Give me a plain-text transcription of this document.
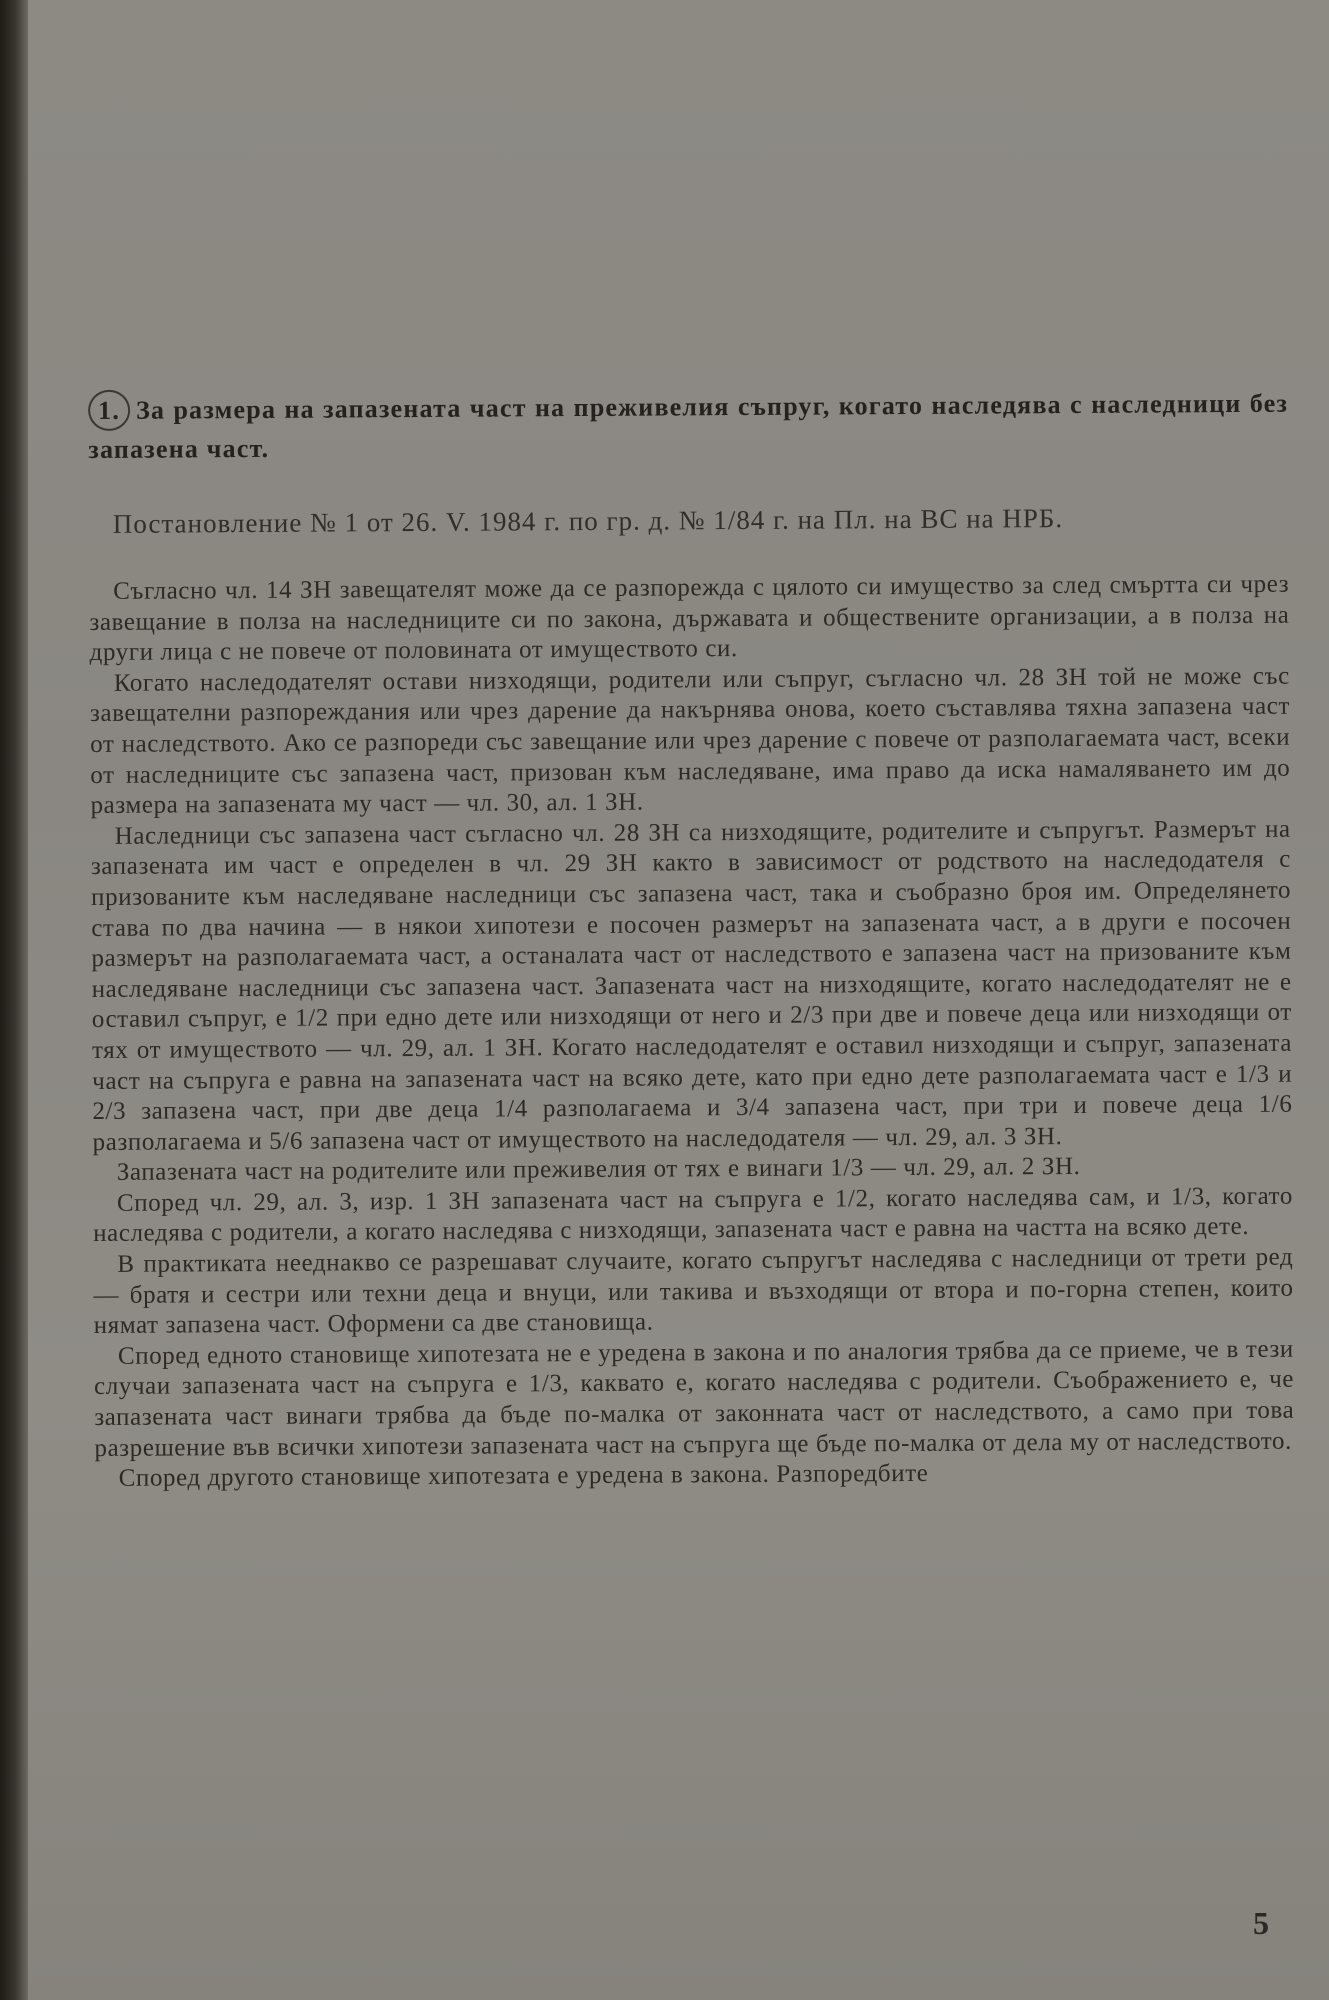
1. За размера на запазената част на преживелия съпруг, когато наследява с наследници без запазена част.

Постановление № 1 от 26. V. 1984 г. по гр. д. № 1/84 г. на Пл. на ВС на НРБ.

Съгласно чл. 14 ЗН завещателят може да се разпорежда с цялото си имущество за след смъртта си чрез завещание в полза на наследниците си по закона, държавата и обществените организации, а в полза на други лица с не повече от половината от имуществото си.

Когато наследодателят остави низходящи, родители или съпруг, съгласно чл. 28 ЗН той не може със завещателни разпореждания или чрез дарение да накърнява онова, което съставлява тяхна запазена част от наследството. Ако се разпореди със завещание или чрез дарение с повече от разполагаемата част, всеки от наследниците със запазена част, призован към наследяване, има право да иска намаляването им до размера на запазената му част — чл. 30, ал. 1 ЗН.

Наследници със запазена част съгласно чл. 28 ЗН са низходящите, родителите и съпругът. Размерът на запазената им част е определен в чл. 29 ЗН както в зависимост от родството на наследодателя с призованите към наследяване наследници със запазена част, така и съобразно броя им. Определянето става по два начина — в някои хипотези е посочен размерът на запазената част, а в други е посочен размерът на разполагаемата част, а останалата част от наследството е запазена част на призованите към наследяване наследници със запазена част. Запазената част на низходящите, когато наследодателят не е оставил съпруг, е 1/2 при едно дете или низходящи от него и 2/3 при две и повече деца или низходящи от тях от имуществото — чл. 29, ал. 1 ЗН. Когато наследодателят е оставил низходящи и съпруг, запазената част на съпруга е равна на запазената част на всяко дете, като при едно дете разполагаемата част е 1/3 и 2/3 запазена част, при две деца 1/4 разполагаема и 3/4 запазена част, при три и повече деца 1/6 разполагаема и 5/6 запазена част от имуществото на наследодателя — чл. 29, ал. 3 ЗН.

Запазената част на родителите или преживелия от тях е винаги 1/3 — чл. 29, ал. 2 ЗН.

Според чл. 29, ал. 3, изр. 1 ЗН запазената част на съпруга е 1/2, когато наследява сам, и 1/3, когато наследява с родители, а когато наследява с низходящи, запазената част е равна на частта на всяко дете.

В практиката нееднакво се разрешават случаите, когато съпругът наследява с наследници от трети ред — братя и сестри или техни деца и внуци, или такива и възходящи от втора и по-горна степен, които нямат запазена част. Оформени са две становища.

Според едното становище хипотезата не е уредена в закона и по аналогия трябва да се приеме, че в тези случаи запазената част на съпруга е 1/3, каквато е, когато наследява с родители. Съображението е, че запазената част винаги трябва да бъде по-малка от законната част от наследството, а само при това разрешение във всички хипотези запазената част на съпруга ще бъде по-малка от дела му от наследството.

Според другото становище хипотезата е уредена в закона. Разпоредбите

5
